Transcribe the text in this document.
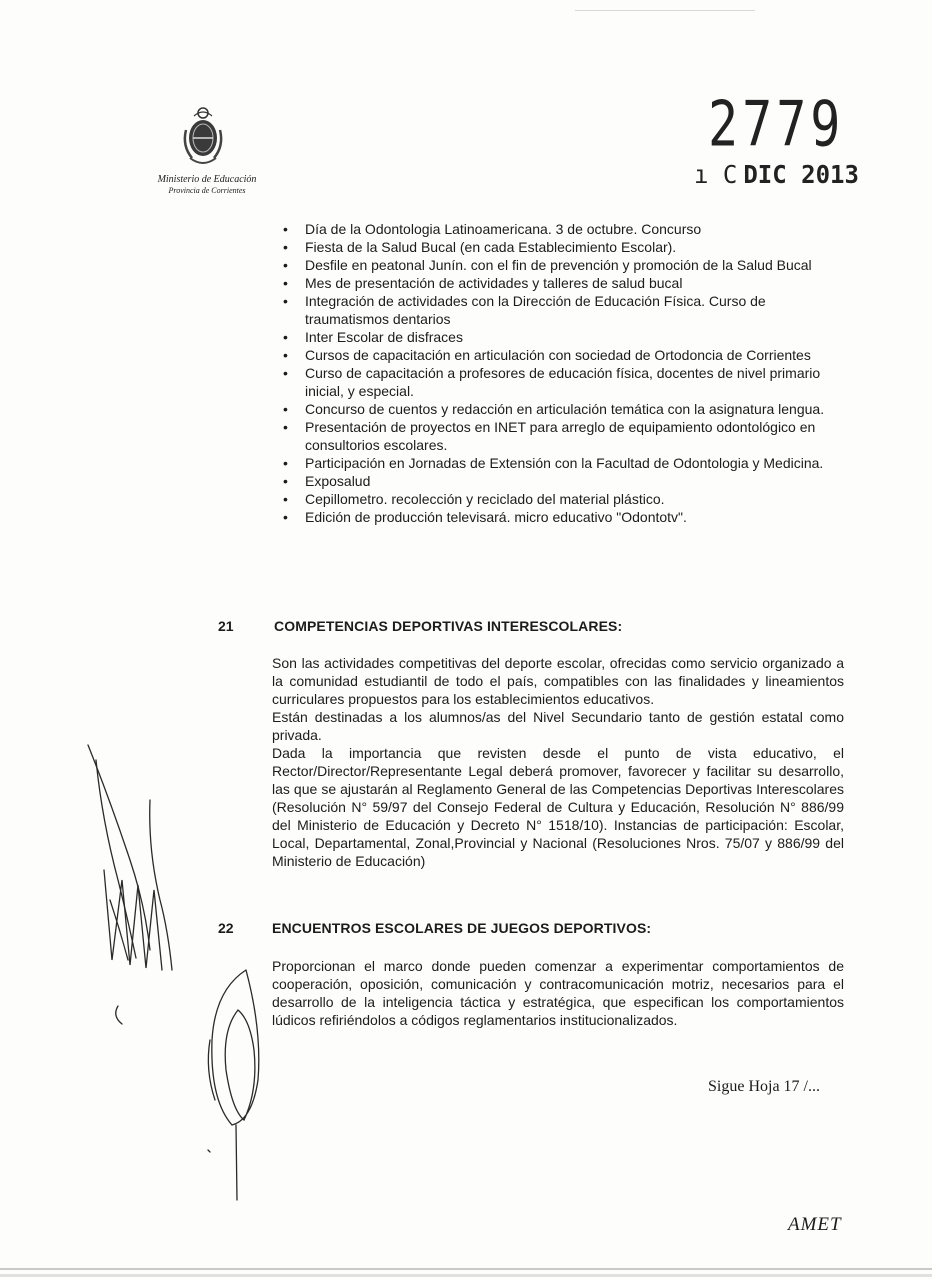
Ministerio de Educación
Provincia de Corrientes
2779
ı C DIC 2013
• Día de la Odontologia Latinoamericana. 3 de octubre. Concurso
• Fiesta de la Salud Bucal (en cada Establecimiento Escolar).
• Desfile en peatonal Junín. con el fin de prevención y promoción de la Salud Bucal
• Mes de presentación de actividades y talleres de salud bucal
• Integración de actividades con la Dirección de Educación Física. Curso de traumatismos dentarios
• Inter Escolar de disfraces
• Cursos de capacitación en articulación con sociedad de Ortodoncia de Corrientes
• Curso de capacitación a profesores de educación física, docentes de nivel primario inicial, y especial.
• Concurso de cuentos y redacción en articulación temática con la asignatura lengua.
• Presentación de proyectos en INET para arreglo de equipamiento odontológico en consultorios escolares.
• Participación en Jornadas de Extensión con la Facultad de Odontologia y Medicina.
• Exposalud
• Cepillometro. recolección y reciclado del material plástico.
• Edición de producción televisará. micro educativo "Odontotv".
21	COMPETENCIAS DEPORTIVAS INTERESCOLARES:

Son las actividades competitivas del deporte escolar, ofrecidas como servicio organizado a la comunidad estudiantil de todo el país, compatibles con las finalidades y lineamientos curriculares propuestos para los establecimientos educativos.

Están destinadas a los alumnos/as del Nivel Secundario tanto de gestión estatal como privada.

Dada la importancia que revisten desde el punto de vista educativo, el Rector/Director/Representante Legal deberá promover, favorecer y facilitar su desarrollo, las que se ajustarán al Reglamento General de las Competencias Deportivas Interescolares (Resolución N° 59/97 del Consejo Federal de Cultura y Educación, Resolución N° 886/99 del Ministerio de Educación y Decreto N° 1518/10). Instancias de participación: Escolar, Local, Departamental, Zonal,Provincial y Nacional (Resoluciones Nros. 75/07 y 886/99 del Ministerio de Educación)

22	ENCUENTROS ESCOLARES DE JUEGOS DEPORTIVOS:

Proporcionan el marco donde pueden comenzar a experimentar comportamientos de cooperación, oposición, comunicación y contracomunicación motriz, necesarios para el desarrollo de la inteligencia táctica y estratégica, que especifican los comportamientos lúdicos refiriéndolos a códigos reglamentarios institucionalizados.

Sigue Hoja 17 /...
AMET
